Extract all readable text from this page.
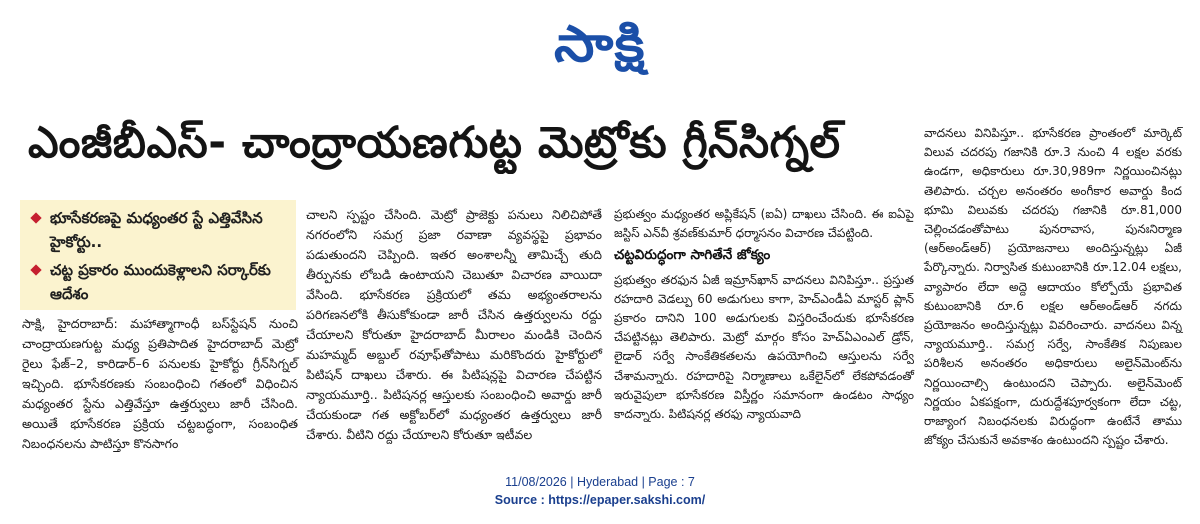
సాక్షి
ఎంజీబీఎస్‌- చాంద్రాయణగుట్ట మెట్రోకు గ్రీన్‌సిగ్నల్‌
భూసేకరణపై మధ్యంతర స్టే ఎత్తివేసిన హైకోర్టు..
చట్ట ప్రకారం ముందుకెళ్లాలని సర్కార్‌కు ఆదేశం

సాక్షి, హైదరాబాద్‌: మహాత్మాగాంధీ బస్‌స్టేషన్‌ నుంచి చాంద్రాయణగుట్ట మధ్య ప్రతిపాదిత హైదరాబాద్‌ మెట్రో రైలు ఫేజ్‌–2, కారిడార్‌–6 పనులకు హైకోర్టు గ్రీన్‌సిగ్నల్‌ ఇచ్చింది. భూసేకరణకు సంబంధించి గతంలో విధించిన మధ్యంతర స్టేను ఎత్తివేస్తూ ఉత్తర్వులు జారీ చేసింది. అయితే భూసేకరణ ప్రక్రియ చట్టబద్ధంగా, సంబంధిత నిబంధనలను పాటిస్తూ కొనసాగం

చాలని స్పష్టం చేసింది. మెట్రో ప్రాజెక్టు పనులు నిలిచిపోతే నగరంలోని సమగ్ర ప్రజా రవాణా వ్యవస్థపై ప్రభావం పడుతుందని చెప్పింది. ఇతర అంశాలన్నీ తామిచ్చే తుది తీర్పునకు లోబడి ఉంటాయని చెబుతూ విచారణ వాయిదా వేసింది. భూసేకరణ ప్రక్రియలో తమ అభ్యంతరాలను పరిగణనలోకి తీసుకోకుండా జారీ చేసిన ఉత్తర్వులను రద్దు చేయాలని కోరుతూ హైదరాబాద్‌ మీరాలం మండికి చెందిన మహమ్మద్‌ అబ్దుల్‌ రవూఫ్‌తోపాటు మరికొందరు హైకోర్టులో పిటిషన్‌ దాఖలు చేశారు. ఈ పిటిషన్లపై విచారణ చేపట్టిన న్యాయమూర్తి.. పిటిషనర్ల ఆస్తులకు సంబంధించి అవార్డు జారీ చేయకుండా గత అక్టోబర్‌లో మధ్యంతర ఉత్తర్వులు జారీ చేశారు. వీటిని రద్దు చేయాలని కోరుతూ ఇటీవల

ప్రభుత్వం మధ్యంతర అప్లికేషన్‌ (ఐఏ) దాఖలు చేసింది. ఈ ఐఏపై జస్టిస్‌ ఎన్‌వీ శ్రవణ్‌కుమార్‌ ధర్మాసనం విచారణ చేపట్టింది.

చట్టవిరుద్ధంగా సాగితేనే జోక్యం

ప్రభుత్వం తరఫున ఏజీ ఇమ్రాన్‌ఖాన్‌ వాదనలు వినిపిస్తూ.. ప్రస్తుత రహదారి వెడల్పు 60 అడుగులు కాగా, హెచ్‌ఎండీఏ మాస్టర్‌ ప్లాన్‌ ప్రకారం దానిని 100 అడుగులకు విస్తరించేందుకు భూసేకరణ చేపట్టినట్లు తెలిపారు. మెట్రో మార్గం కోసం హెచ్‌ఏఎంఎల్‌ డ్రోన్‌, లైడార్‌ సర్వే సాంకేతికతలను ఉపయోగించి ఆస్తులను సర్వే చేశామన్నారు. రహదారిపై నిర్మాణాలు ఒకేలైన్‌లో లేకపోవడంతో ఇరువైపులా భూసేకరణ విస్తీర్ణం సమానంగా ఉండటం సాధ్యం కాదన్నారు. పిటిషనర్ల తరఫు న్యాయవాది

వాదనలు వినిపిస్తూ.. భూసేకరణ ప్రాంతంలో మార్కెట్‌ విలువ చదరపు గజానికి రూ.3 నుంచి 4 లక్షల వరకు ఉండగా, అధికారులు రూ.30,989గా నిర్ణయించినట్లు తెలిపారు. చర్చల అనంతరం అంగీకార అవార్డు కింద భూమి విలువకు చదరపు గజానికి రూ.81,000 చెల్లించడంతోపాటు పునరావాస, పునఃనిర్మాణ (ఆర్‌అండ్‌ఆర్‌) ప్రయోజనాలు అందిస్తున్నట్లు ఏజీ పేర్కొన్నారు. నిర్వాసిత కుటుంబానికి రూ.12.04 లక్షలు, వ్యాపారం లేదా అద్దె ఆదాయం కోల్పోయే ప్రభావిత కుటుంబానికి రూ.6 లక్షల ఆర్‌అండ్‌ఆర్‌ నగదు ప్రయోజనం అందిస్తున్నట్లు వివరించారు. వాదనలు విన్న న్యాయమూర్తి.. సమగ్ర సర్వే, సాంకేతిక నిపుణుల పరిశీలన అనంతరం అధికారులు అలైన్‌మెంట్‌ను నిర్ణయించాల్సి ఉంటుందని చెప్పారు. అలైన్‌మెంట్‌ నిర్ణయం ఏకపక్షంగా, దురుద్దేశపూర్వకంగా లేదా చట్ట, రాజ్యాంగ నిబంధనలకు విరుద్ధంగా ఉంటేనే తాము జోక్యం చేసుకునే అవకాశం ఉంటుందని స్పష్టం చేశారు.

11/08/2026 | Hyderabad | Page : 7
Source : https://epaper.sakshi.com/
